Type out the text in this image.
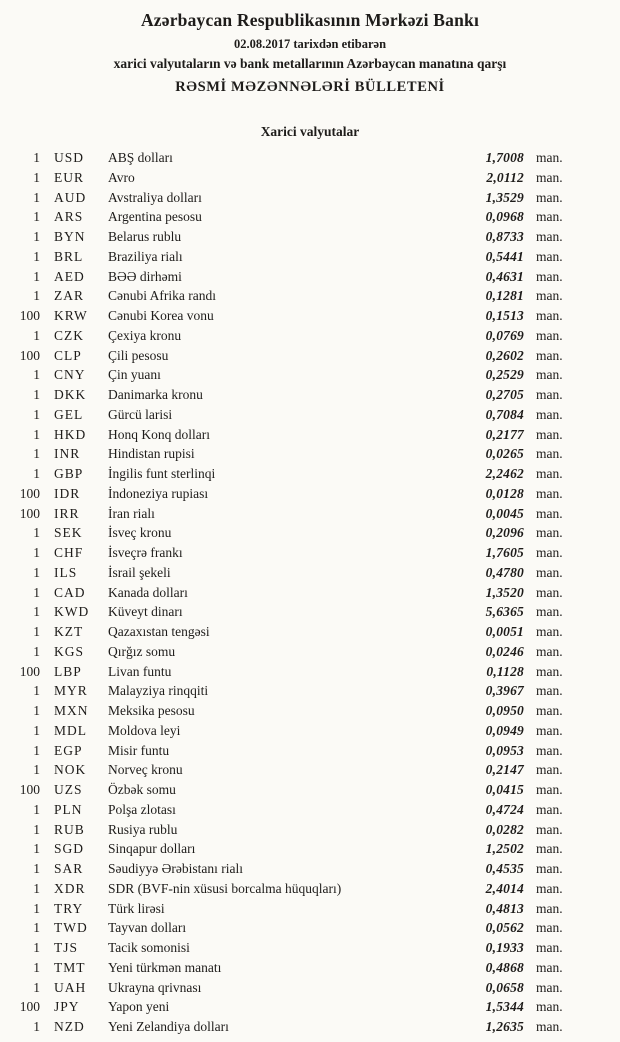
Azərbaycan Respublikasının Mərkəzi Bankı
02.08.2017 tarixdən etibarən
xarici valyutaların və bank metallarının Azərbaycan manatına qarşı
RƏSMİ MƏZƏNNƏLƏRİ BÜLLETENİ
Xarici valyutalar
1	USD	ABŞ dolları	1,7008 man.
1	EUR	Avro	2,0112 man.
1	AUD	Avstraliya dolları	1,3529 man.
1	ARS	Argentina pesosu	0,0968 man.
1	BYN	Belarus rublu	0,8733 man.
1	BRL	Braziliya rialı	0,5441 man.
1	AED	BƏƏ dirhəmi	0,4631 man.
1	ZAR	Cənubi Afrika randı	0,1281 man.
100	KRW	Cənubi Korea vonu	0,1513 man.
1	CZK	Çexiya kronu	0,0769 man.
100	CLP	Çili pesosu	0,2602 man.
1	CNY	Çin yuanı	0,2529 man.
1	DKK	Danimarka kronu	0,2705 man.
1	GEL	Gürcü larisi	0,7084 man.
1	HKD	Honq Konq dolları	0,2177 man.
1	INR	Hindistan rupisi	0,0265 man.
1	GBP	İngilis funt sterlinqi	2,2462 man.
100	IDR	İndoneziya rupiası	0,0128 man.
100	IRR	İran rialı	0,0045 man.
1	SEK	İsveç kronu	0,2096 man.
1	CHF	İsveçrə frankı	1,7605 man.
1	ILS	İsrail şekeli	0,4780 man.
1	CAD	Kanada dolları	1,3520 man.
1	KWD	Küveyt dinarı	5,6365 man.
1	KZT	Qazaxıstan tengəsi	0,0051 man.
1	KGS	Qırğız somu	0,0246 man.
100	LBP	Livan funtu	0,1128 man.
1	MYR	Malayziya rinqqiti	0,3967 man.
1	MXN	Meksika pesosu	0,0950 man.
1	MDL	Moldova leyi	0,0949 man.
1	EGP	Misir funtu	0,0953 man.
1	NOK	Norveç kronu	0,2147 man.
100	UZS	Özbək somu	0,0415 man.
1	PLN	Polşa zlotası	0,4724 man.
1	RUB	Rusiya rublu	0,0282 man.
1	SGD	Sinqapur dolları	1,2502 man.
1	SAR	Səudiyyə Ərəbistanı rialı	0,4535 man.
1	XDR	SDR (BVF-nin xüsusi borcalma hüquqları)	2,4014 man.
1	TRY	Türk lirəsi	0,4813 man.
1	TWD	Tayvan dolları	0,0562 man.
1	TJS	Tacik somonisi	0,1933 man.
1	TMT	Yeni türkmən manatı	0,4868 man.
1	UAH	Ukrayna qrivnası	0,0658 man.
100	JPY	Yapon yeni	1,5344 man.
1	NZD	Yeni Zelandiya dolları	1,2635 man.
